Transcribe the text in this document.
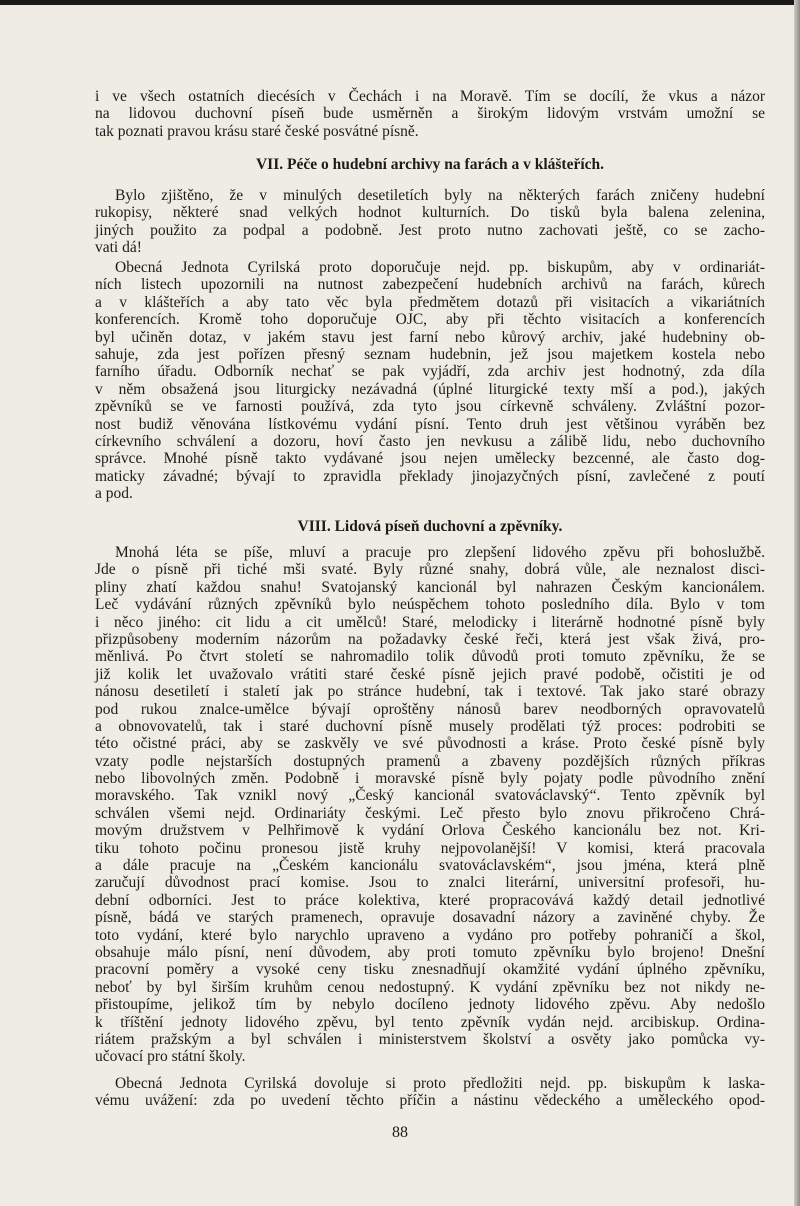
i ve všech ostatních diecésích v Čechách i na Moravě. Tím se docílí, že vkus a názor
na lidovou duchovní píseň bude usměrněn a širokým lidovým vrstvám umožní se
tak poznati pravou krásu staré české posvátné písně.
VII. Péče o hudební archivy na farách a v klášteřích.
Bylo zjištěno, že v minulých desetiletích byly na některých farách zničeny hudební
rukopisy, některé snad velkých hodnot kulturních. Do tisků byla balena zelenina,
jiných použito za podpal a podobně. Jest proto nutno zachovati ještě, co se zacho-
vati dá!
Obecná Jednota Cyrilská proto doporučuje nejd. pp. biskupům, aby v ordinariát-
ních listech upozornili na nutnost zabezpečení hudebních archivů na farách, kůrech
a v klášteřích a aby tato věc byla předmětem dotazů při visitacích a vikariátních
konferencích. Kromě toho doporučuje OJC, aby při těchto visitacích a konferencích
byl učiněn dotaz, v jakém stavu jest farní nebo kůrový archiv, jaké hudebniny ob-
sahuje, zda jest pořízen přesný seznam hudebnin, jež jsou majetkem kostela nebo
farního úřadu. Odborník nechať se pak vyjádří, zda archiv jest hodnotný, zda díla
v něm obsažená jsou liturgicky nezávadná (úplné liturgické texty mší a pod.), jakých
zpěvníků se ve farnosti používá, zda tyto jsou církevně schváleny. Zvláštní pozor-
nost budiž věnována lístkovému vydání písní. Tento druh jest většinou vyráběn bez
církevního schválení a dozoru, hoví často jen nevkusu a zálibě lidu, nebo duchovního
správce. Mnohé písně takto vydávané jsou nejen umělecky bezcenné, ale často dog-
maticky závadné; bývají to zpravidla překlady jinojazyčných písní, zavlečené z poutí
a pod.
VIII. Lidová píseň duchovní a zpěvníky.
Mnohá léta se píše, mluví a pracuje pro zlepšení lidového zpěvu při bohoslužbě.
Jde o písně při tiché mši svaté. Byly různé snahy, dobrá vůle, ale neznalost disci-
pliny zhatí každou snahu! Svatojanský kancionál byl nahrazen Českým kancionálem.
Leč vydávání různých zpěvníků bylo neúspěchem tohoto posledního díla. Bylo v tom
i něco jiného: cit lidu a cit umělců! Staré, melodicky i literárně hodnotné písně byly
přizpůsobeny moderním názorům na požadavky české řeči, která jest však živá, pro-
měnlivá. Po čtvrt století se nahromadilo tolik důvodů proti tomuto zpěvníku, že se
již kolik let uvažovalo vrátiti staré české písně jejich pravé podobě, očistiti je od
nánosu desetiletí i staletí jak po stránce hudební, tak i textové. Tak jako staré obrazy
pod rukou znalce-umělce bývají oproštěny nánosů barev neodborných opravovatelů
a obnovovatelů, tak i staré duchovní písně musely prodělati týž proces: podrobiti se
této očistné práci, aby se zaskvěly ve své původnosti a kráse. Proto české písně byly
vzaty podle nejstarších dostupných pramenů a zbaveny pozdějších různých příkras
nebo libovolných změn. Podobně i moravské písně byly pojaty podle původního znění
moravského. Tak vznikl nový „Český kancionál svatováclavský“. Tento zpěvník byl
schválen všemi nejd. Ordinariáty českými. Leč přesto bylo znovu přikročeno Chrá-
movým družstvem v Pelhřimově k vydání Orlova Českého kancionálu bez not. Kri-
tiku tohoto počinu pronesou jistě kruhy nejpovolanější! V komisi, která pracovala
a dále pracuje na „Českém kancionálu svatováclavském“, jsou jména, která plně
zaručují důvodnost prací komise. Jsou to znalci literární, universitní profesoři, hu-
dební odborníci. Jest to práce kolektiva, které propracovává každý detail jednotlivé
písně, bádá ve starých pramenech, opravuje dosavadní názory a zaviněné chyby. Že
toto vydání, které bylo narychlo upraveno a vydáno pro potřeby pohraničí a škol,
obsahuje málo písní, není důvodem, aby proti tomuto zpěvníku bylo brojeno! Dnešní
pracovní poměry a vysoké ceny tisku znesnadňují okamžité vydání úplného zpěvníku,
neboť by byl širším kruhům cenou nedostupný. K vydání zpěvníku bez not nikdy ne-
přistoupíme, jelikož tím by nebylo docíleno jednoty lidového zpěvu. Aby nedošlo
k tříštění jednoty lidového zpěvu, byl tento zpěvník vydán nejd. arcibiskup. Ordina-
riátem pražským a byl schválen i ministerstvem školství a osvěty jako pomůcka vy-
učovací pro státní školy.
Obecná Jednota Cyrilská dovoluje si proto předložiti nejd. pp. biskupům k laska-
vému uvážení: zda po uvedení těchto příčin a nástinu vědeckého a uměleckého opod-
88
